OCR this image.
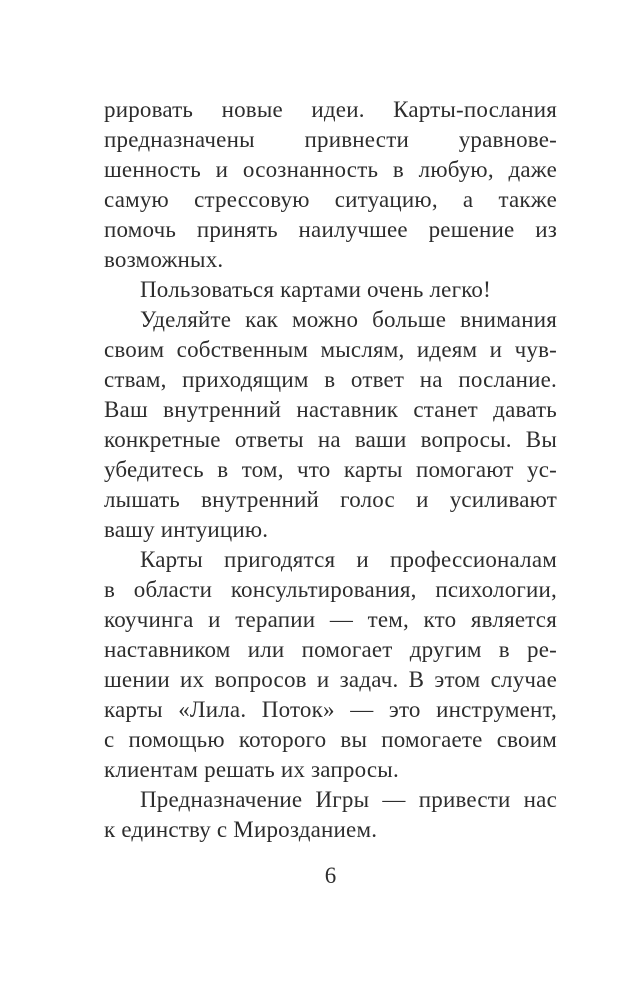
рировать новые идеи. Карты-послания
предназначены привнести уравнове-
шенность и осознанность в любую, даже
самую стрессовую ситуацию, а также
помочь принять наилучшее решение из
возможных.
Пользоваться картами очень легко!
Уделяйте как можно больше внимания
своим собственным мыслям, идеям и чув-
ствам, приходящим в ответ на послание.
Ваш внутренний наставник станет давать
конкретные ответы на ваши вопросы. Вы
убедитесь в том, что карты помогают ус-
лышать внутренний голос и усиливают
вашу интуицию.
Карты пригодятся и профессионалам
в области консультирования, психологии,
коучинга и терапии — тем, кто является
наставником или помогает другим в ре-
шении их вопросов и задач. В этом случае
карты «Лила. Поток» — это инструмент,
с помощью которого вы помогаете своим
клиентам решать их запросы.
Предназначение Игры — привести нас
к единству с Мирозданием.
6
